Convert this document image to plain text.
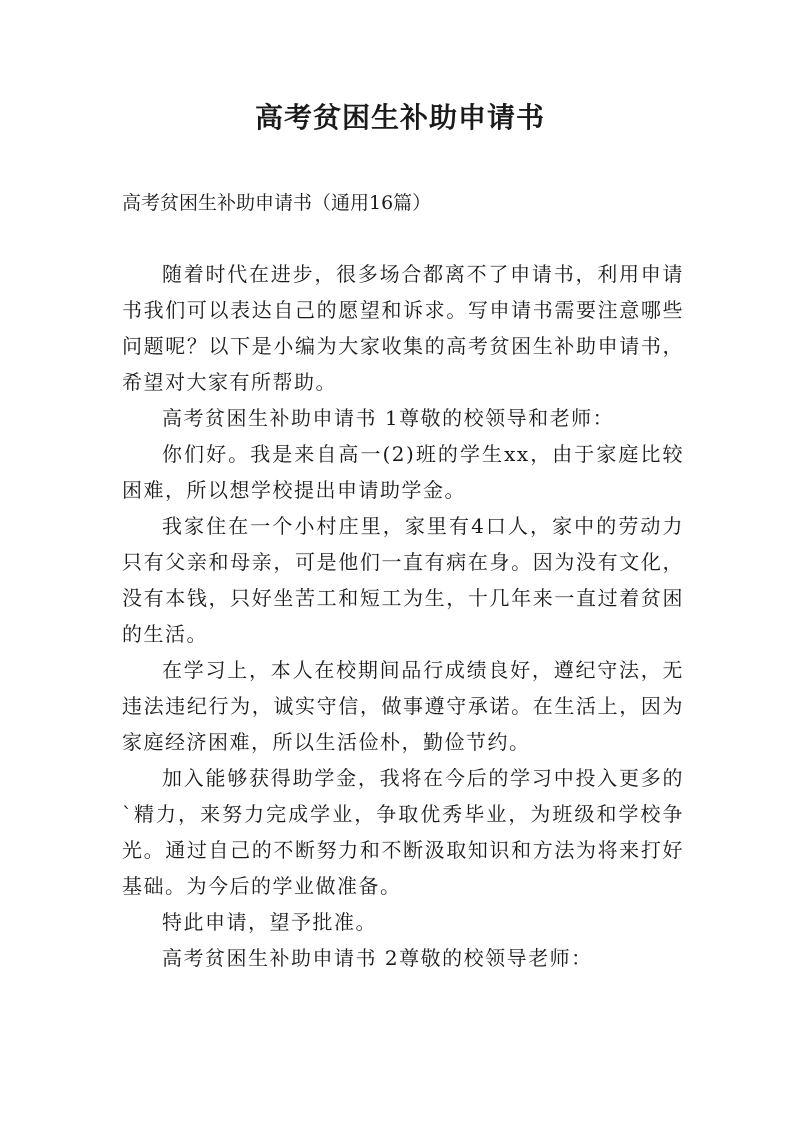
高考贫困生补助申请书
高考贫困生补助申请书（通用16篇）

随着时代在进步，很多场合都离不了申请书，利用申请书我们可以表达自己的愿望和诉求。写申请书需要注意哪些问题呢？以下是小编为大家收集的高考贫困生补助申请书，希望对大家有所帮助。

高考贫困生补助申请书 1尊敬的校领导和老师：

你们好。我是来自高一(2)班的学生xx，由于家庭比较困难，所以想学校提出申请助学金。

我家住在一个小村庄里，家里有4口人，家中的劳动力只有父亲和母亲，可是他们一直有病在身。因为没有文化，没有本钱，只好坐苦工和短工为生，十几年来一直过着贫困的生活。

在学习上，本人在校期间品行成绩良好，遵纪守法，无违法违纪行为，诚实守信，做事遵守承诺。在生活上，因为家庭经济困难，所以生活俭朴，勤俭节约。

加入能够获得助学金，我将在今后的学习中投入更多的`精力，来努力完成学业，争取优秀毕业，为班级和学校争光。通过自己的不断努力和不断汲取知识和方法为将来打好基础。为今后的学业做准备。

特此申请，望予批准。

高考贫困生补助申请书 2尊敬的校领导老师：
